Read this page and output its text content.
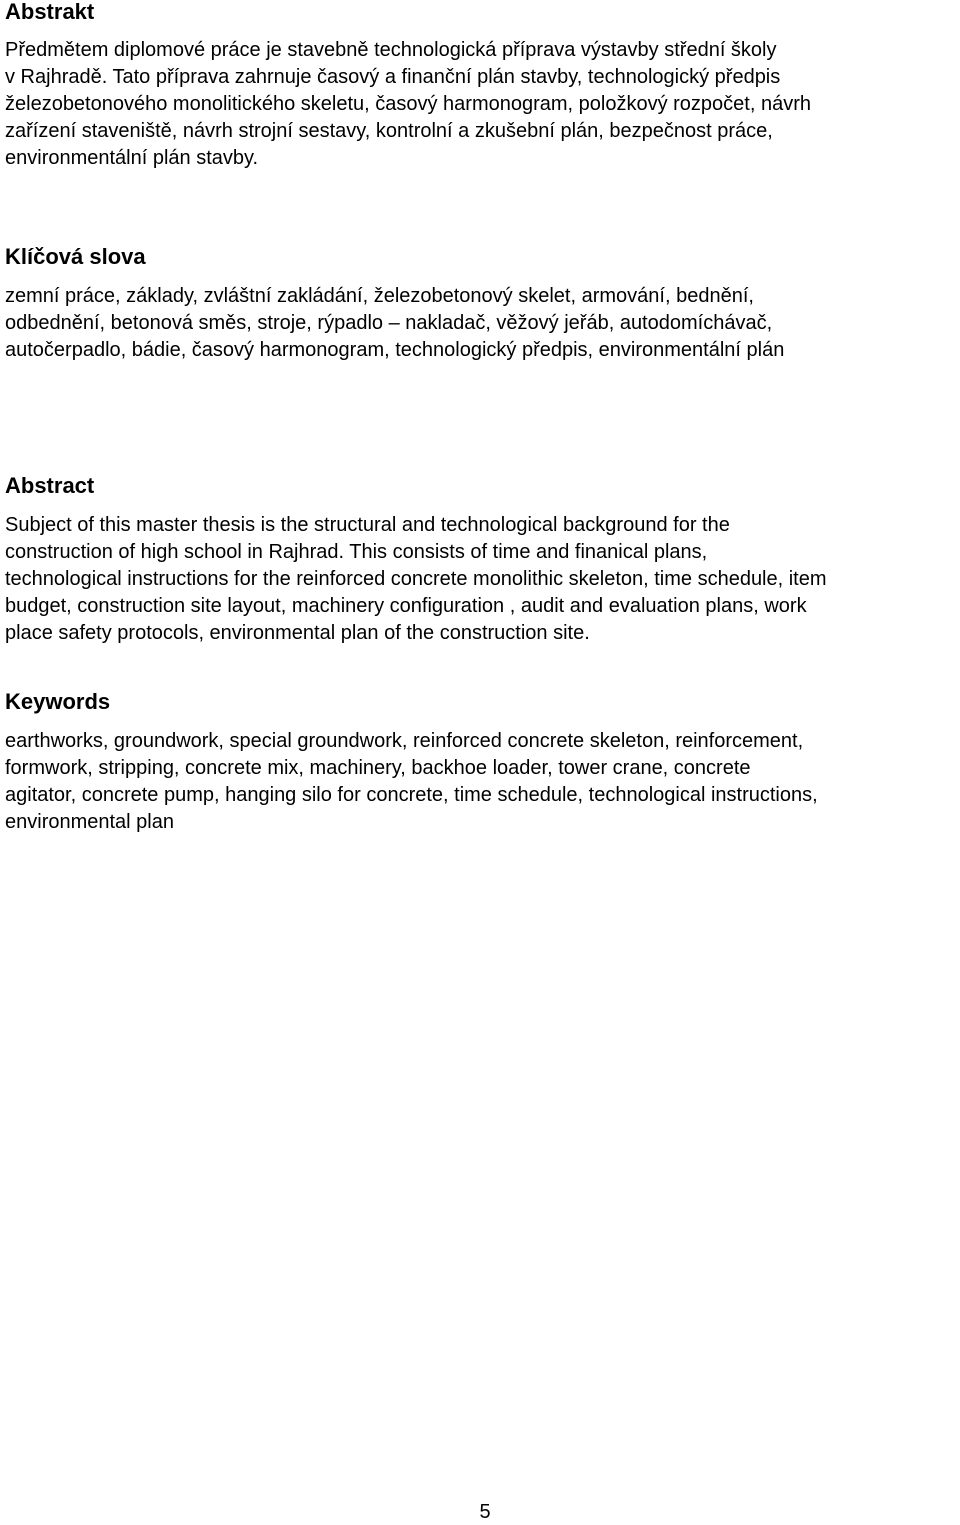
Abstrakt
Předmětem diplomové práce je stavebně technologická příprava výstavby střední školy
v Rajhradě. Tato příprava zahrnuje časový a finanční plán stavby, technologický předpis
železobetonového monolitického skeletu, časový harmonogram, položkový rozpočet, návrh
zařízení staveniště, návrh strojní sestavy, kontrolní a zkušební plán, bezpečnost práce,
environmentální plán stavby.
Klíčová slova
zemní práce, základy, zvláštní zakládání, železobetonový skelet, armování, bednění,
odbednění, betonová směs, stroje, rýpadlo – nakladač, věžový jeřáb, autodomíchávač,
autočerpadlo, bádie, časový harmonogram, technologický předpis, environmentální plán
Abstract
Subject of this master thesis is the structural and technological background for the
construction of high school in Rajhrad. This consists of time and finanical plans,
technological instructions for the reinforced concrete monolithic skeleton, time schedule, item
budget, construction site layout, machinery configuration , audit and evaluation plans, work
place safety protocols, environmental plan of the construction site.
Keywords
earthworks, groundwork, special groundwork, reinforced concrete skeleton, reinforcement,
formwork, stripping, concrete mix, machinery, backhoe loader, tower crane, concrete
agitator, concrete pump, hanging silo for concrete, time schedule, technological instructions,
environmental plan
5
